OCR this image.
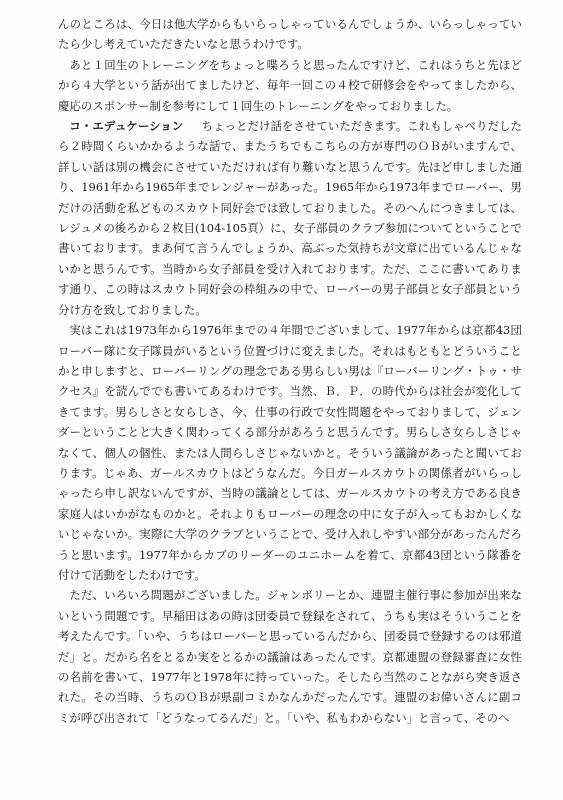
んのところは、今日は他大学からもいらっしゃっているんでしょうか、いらっしゃっていたら少し考えていただきたいなと思うわけです。

あと１回生のトレーニングをちょっと喋ろうと思ったんですけど、これはうちと先ほどから４大学という話が出てましたけど、毎年一回この４校で研修会をやってましたから、慶応のスポンサー制を参考にして１回生のトレーニングをやっておりました。

コ・エデュケーション ちょっとだけ話をさせていただきます。これもしゃべりだしたら２時間くらいかかるような話で、またうちでもこちらの方が専門のＯＢがいますんで、詳しい話は別の機会にさせていただければ有り難いなと思うんです。先ほど申しました通り、1961年から1965年までレンジャーがあった。1965年から1973年までローバー、男だけの活動を私どものスカウト同好会では致しておりました。そのへんにつきましては、レジュメの後ろから２枚目(104-105頁）に、女子部員のクラブ参加についてということで書いております。まあ何て言うんでしょうか、高ぶった気持ちが文章に出ているんじゃないかと思うんです。当時から女子部員を受け入れております。ただ、ここに書いてあります通り、この時はスカウト同好会の枠組みの中で、ローバーの男子部員と女子部員という分け方を致しておりました。

実はこれは1973年から1976年までの４年間でございまして、1977年からは京都43団ローバー隊に女子隊員がいるという位置づけに変えました。それはもともとどういうことかと申しますと、ローバーリングの理念である男らしい男は『ローバーリング・トゥ・サクセス』を読んででも書いてあるわけです。当然、Ｂ．Ｐ．の時代からは社会が変化してきてます。男らしさと女らしさ、今、仕事の行政で女性問題をやっておりまして、ジェンダーということと大きく関わってくる部分があろうと思うんです。男らしさ女らしさじゃなくて、個人の個性、または人間らしさじゃないかと。そういう議論があったと聞いております。じゃあ、ガールスカウトはどうなんだ。今日ガールスカウトの関係者がいらっしゃったら申し訳ないんですが、当時の議論としては、ガールスカウトの考え方である良き家庭人はいかがなものかと。それよりもローバーの理念の中に女子が入ってもおかしくないじゃないか。実際に大学のクラブということで、受け入れしやすい部分があったんだろうと思います。1977年からカブのリーダーのユニホームを着て、京都43団という隊番を付けて活動をしたわけです。

ただ、いろいろ問題がございました。ジャンボリーとか、連盟主催行事に参加が出来ないという問題です。早稲田はあの時は団委員で登録をされて、うちも実はそういうことを考えたんです。「いや、うちはローバーと思っているんだから、団委員で登録するのは邪道だ」と。だから名をとるか実をとるかの議論はあったんです。京都連盟の登録審査に女性の名前を書いて、1977年と1978年に持っていった。そしたら当然のことながら突き返された。その当時、うちのＯＢが県副コミかなんかだったんです。連盟のお偉いさんに副コミが呼び出されて「どうなってるんだ」と。「いや、私もわからない」と言って、そのへ
